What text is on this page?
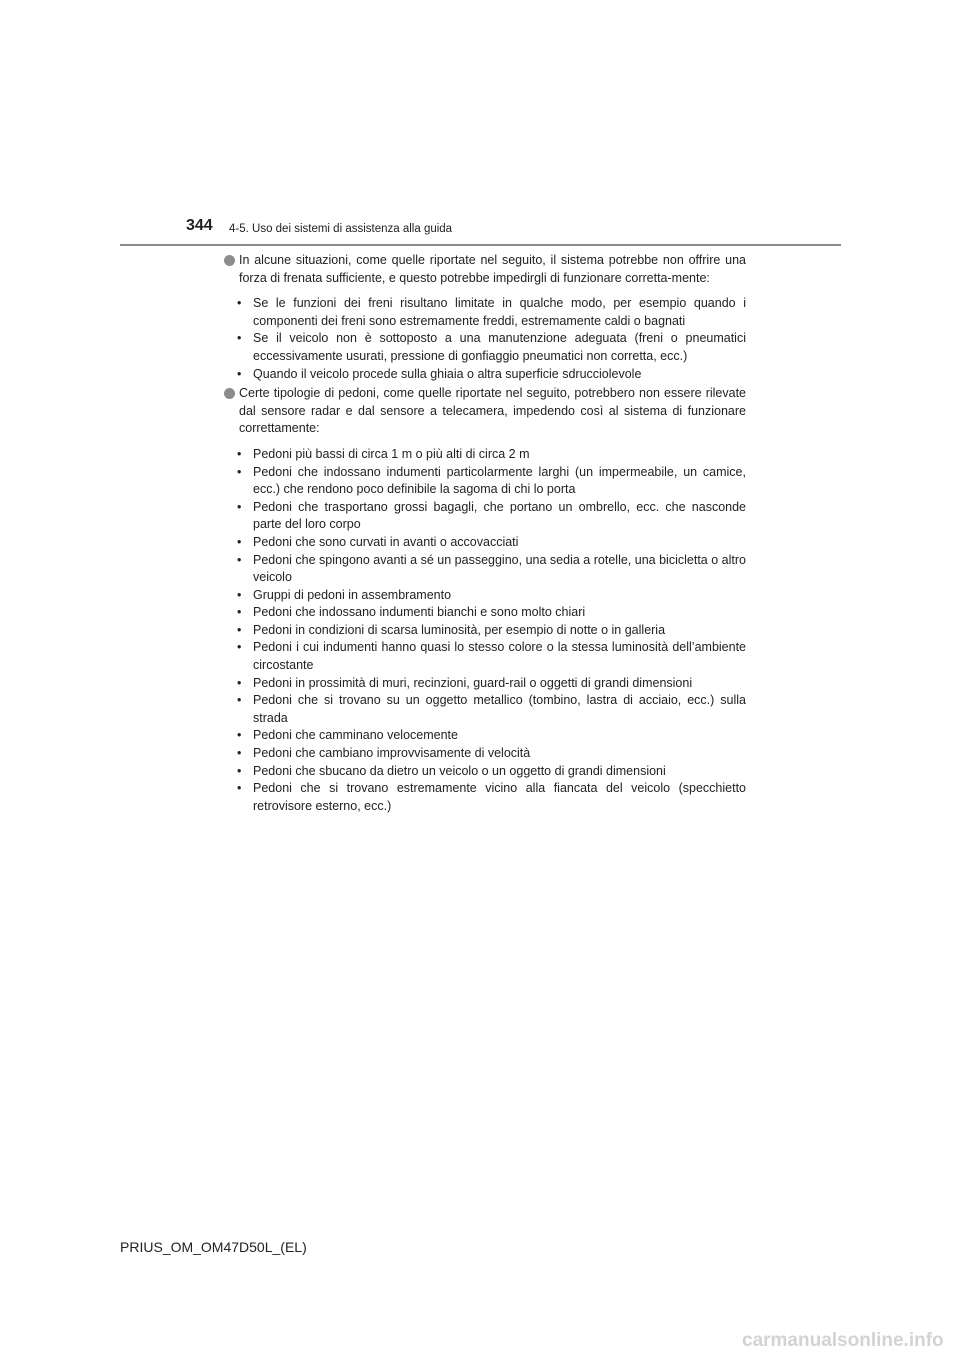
344 4-5. Uso dei sistemi di assistenza alla guida
In alcune situazioni, come quelle riportate nel seguito, il sistema potrebbe non offrire una forza di frenata sufficiente, e questo potrebbe impedirgli di funzionare corretta-mente:
• Se le funzioni dei freni risultano limitate in qualche modo, per esempio quando i componenti dei freni sono estremamente freddi, estremamente caldi o bagnati
• Se il veicolo non è sottoposto a una manutenzione adeguata (freni o pneumatici eccessivamente usurati, pressione di gonfiaggio pneumatici non corretta, ecc.)
• Quando il veicolo procede sulla ghiaia o altra superficie sdrucciolevole
Certe tipologie di pedoni, come quelle riportate nel seguito, potrebbero non essere rilevate dal sensore radar e dal sensore a telecamera, impedendo così al sistema di funzionare correttamente:
• Pedoni più bassi di circa 1 m o più alti di circa 2 m
• Pedoni che indossano indumenti particolarmente larghi (un impermeabile, un camice, ecc.) che rendono poco definibile la sagoma di chi lo porta
• Pedoni che trasportano grossi bagagli, che portano un ombrello, ecc. che nasconde parte del loro corpo
• Pedoni che sono curvati in avanti o accovacciati
• Pedoni che spingono avanti a sé un passeggino, una sedia a rotelle, una bicicletta o altro veicolo
• Gruppi di pedoni in assembramento
• Pedoni che indossano indumenti bianchi e sono molto chiari
• Pedoni in condizioni di scarsa luminosità, per esempio di notte o in galleria
• Pedoni i cui indumenti hanno quasi lo stesso colore o la stessa luminosità dell’ambiente circostante
• Pedoni in prossimità di muri, recinzioni, guard-rail o oggetti di grandi dimensioni
• Pedoni che si trovano su un oggetto metallico (tombino, lastra di acciaio, ecc.) sulla strada
• Pedoni che camminano velocemente
• Pedoni che cambiano improvvisamente di velocità
• Pedoni che sbucano da dietro un veicolo o un oggetto di grandi dimensioni
• Pedoni che si trovano estremamente vicino alla fiancata del veicolo (specchietto retrovisore esterno, ecc.)
PRIUS_OM_OM47D50L_(EL)
carmanualsonline.info
